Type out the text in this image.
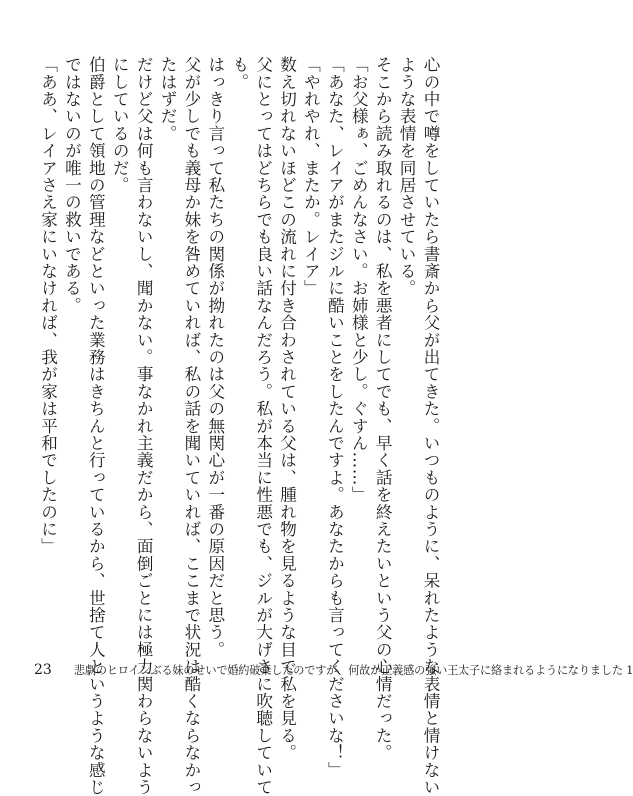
心の中で噂をしていたら書斎から父が出てきた。いつものように、呆れたような表情と情けない

ような表情を同居させている。

そこから読み取れるのは、私を悪者にしてでも、早く話を終えたいという父の心情だった。

「お父様ぁ、ごめんなさい。お姉様と少し。ぐすん……」

「あなた、レイアがまたジルに酷いことをしたんですよ。あなたからも言ってくださいな！」

「やれやれ、またか。レイア」

数え切れないほどこの流れに付き合わされている父は、腫れ物を見るような目で私を見る。

父にとってはどちらでも良い話なんだろう。私が本当に性悪でも、ジルが大げさに吹聴していて

も。

はっきり言って私たちの関係が拗れたのは父の無関心が一番の原因だと思う。

父が少しでも義母か妹を咎めていれば、私の話を聞いていれば、ここまで状況は酷くならなかっ

たはずだ。

だけど父は何も言わないし、聞かない。事なかれ主義だから、面倒ごとには極力関わらないよう

にしているのだ。

伯爵として領地の管理などといった業務はきちんと行っているから、世捨て人というような感じ

ではないのが唯一の救いである。

「ああ、レイアさえ家にいなければ、我が家は平和でしたのに」

23 悲劇のヒロインぶる妹のせいで婚約破棄したのですが、何故か正義感の強い王太子に絡まれるようになりました 1
